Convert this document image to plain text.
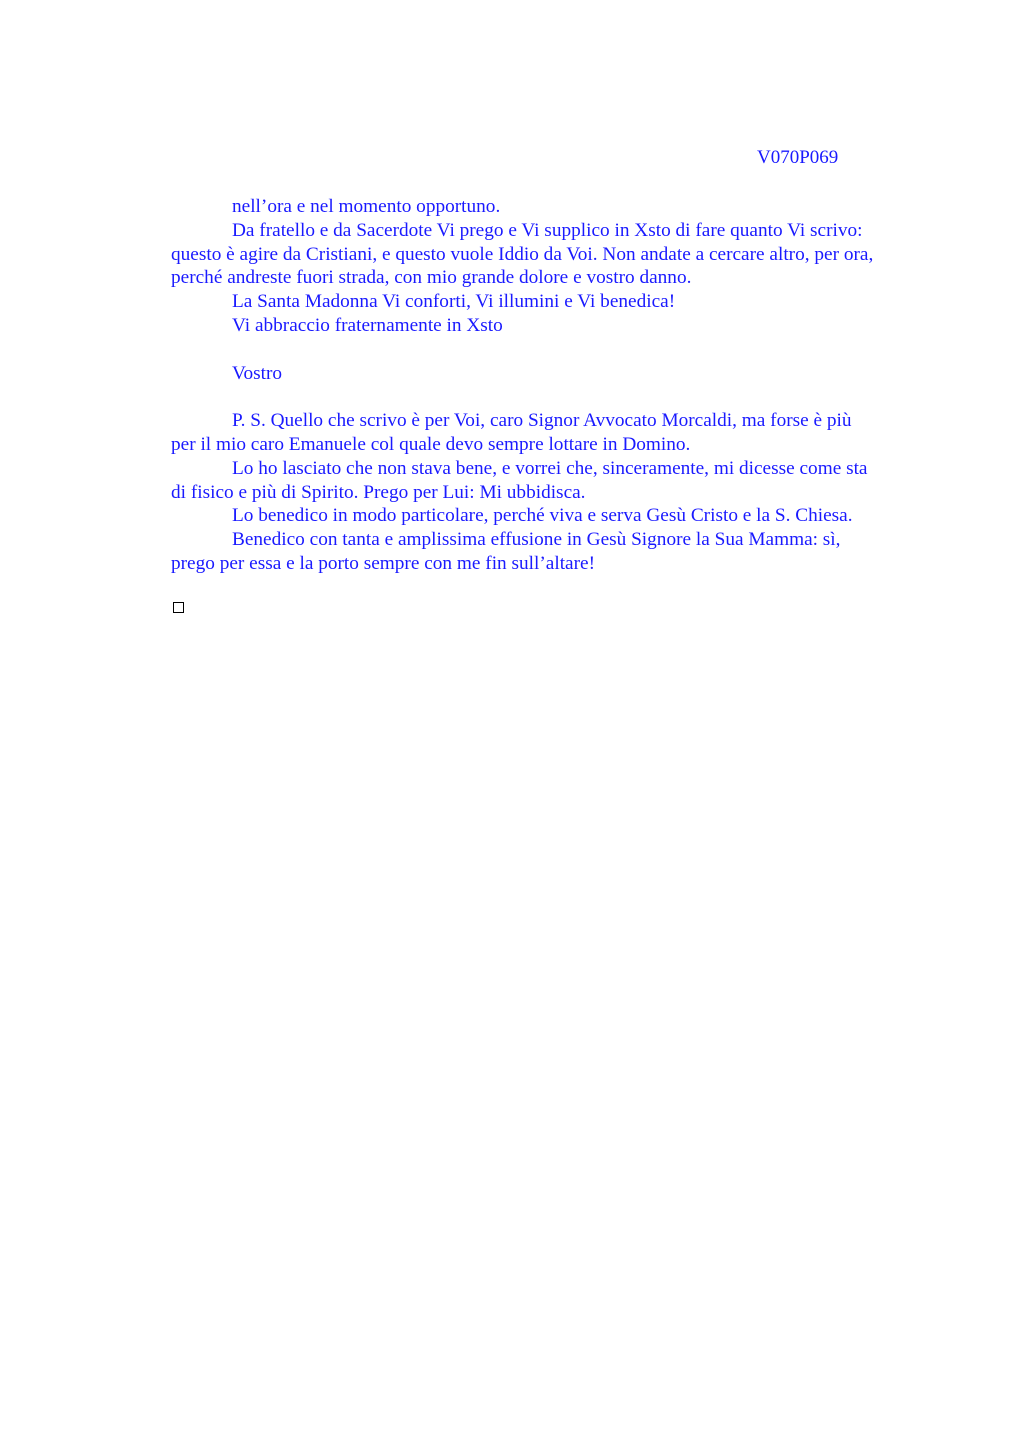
V070P069

nell’ora e nel momento opportuno.

Da fratello e da Sacerdote Vi prego e Vi supplico in Xsto di fare quanto Vi scrivo:
questo è agire da Cristiani, e questo vuole Iddio da Voi. Non andate a cercare altro, per ora,
perché andreste fuori strada, con mio grande dolore e vostro danno.

La Santa Madonna Vi conforti, Vi illumini e Vi benedica!

Vi abbraccio fraternamente in Xsto

Vostro

P. S. Quello che scrivo è per Voi, caro Signor Avvocato Morcaldi, ma forse è più
per il mio caro Emanuele col quale devo sempre lottare in Domino.

Lo ho lasciato che non stava bene, e vorrei che, sinceramente, mi dicesse come sta
di fisico e più di Spirito. Prego per Lui: Mi ubbidisca.

Lo benedico in modo particolare, perché viva e serva Gesù Cristo e la S. Chiesa.

Benedico con tanta e amplissima effusione in Gesù Signore la Sua Mamma: sì,
prego per essa e la porto sempre con me fin sull’altare!
